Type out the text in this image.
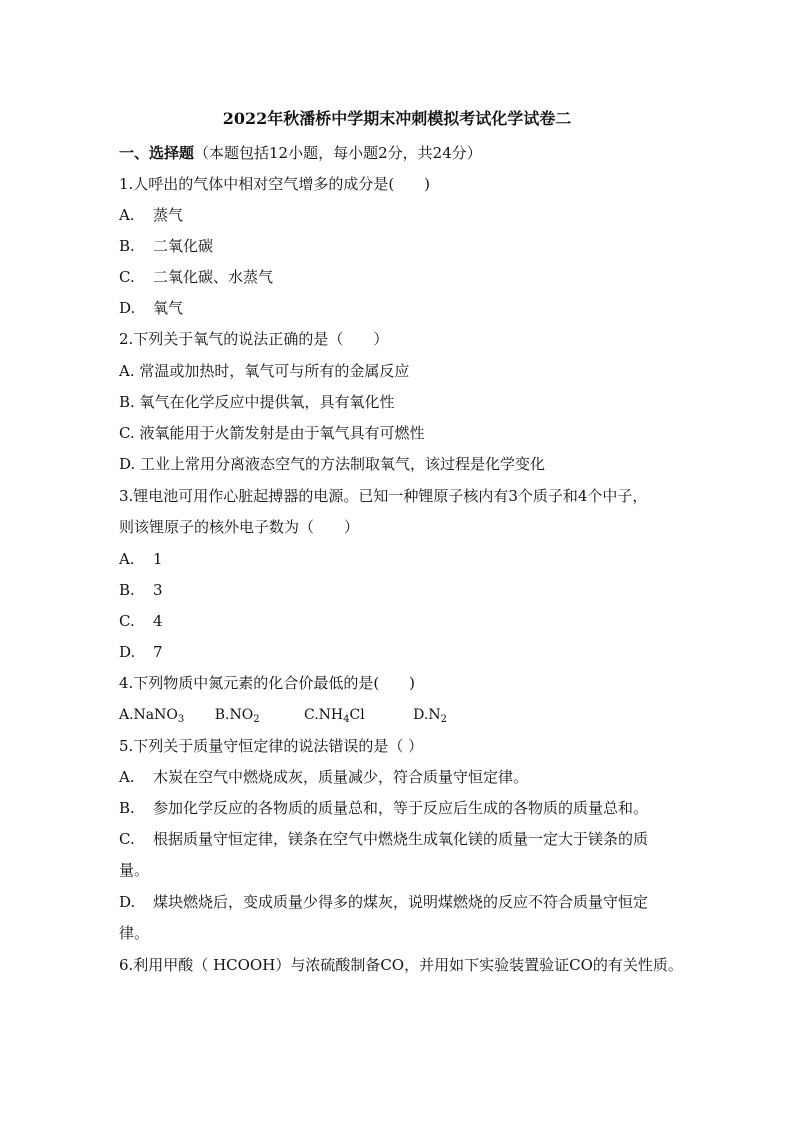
2022年秋潘桥中学期末冲刺模拟考试化学试卷二
一、选择题（本题包括12小题，每小题2分，共24分）
1.人呼出的气体中相对空气增多的成分是(　　)
A. 蒸气
B. 二氧化碳
C. 二氧化碳、水蒸气
D. 氧气
2.下列关于氧气的说法正确的是（　　）
A. 常温或加热时，氧气可与所有的金属反应
B. 氧气在化学反应中提供氧，具有氧化性
C. 液氧能用于火箭发射是由于氧气具有可燃性
D. 工业上常用分离液态空气的方法制取氧气，该过程是化学变化
3.锂电池可用作心脏起搏器的电源。已知一种锂原子核内有3个质子和4个中子，
则该锂原子的核外电子数为（　　）
A. 1
B. 3
C. 4
D. 7
4.下列物质中氮元素的化合价最低的是(　　)
A.NaNO$_3$ $B.NO_2$	$C.NH_4Cl$	$D.N_2$
5.下列关于质量守恒定律的说法错误的是（ ）
A. 木炭在空气中燃烧成灰，质量减少，符合质量守恒定律。
B. 参加化学反应的各物质的质量总和，等于反应后生成的各物质的质量总和。
C. 根据质量守恒定律，镁条在空气中燃烧生成氧化镁的质量一定大于镁条的质
量。
D. 煤块燃烧后，变成质量少得多的煤灰，说明煤燃烧的反应不符合质量守恒定
律。
6.利用甲酸（ HCOOH）与浓硫酸制备CO，并用如下实验装置验证CO的有关性质。
